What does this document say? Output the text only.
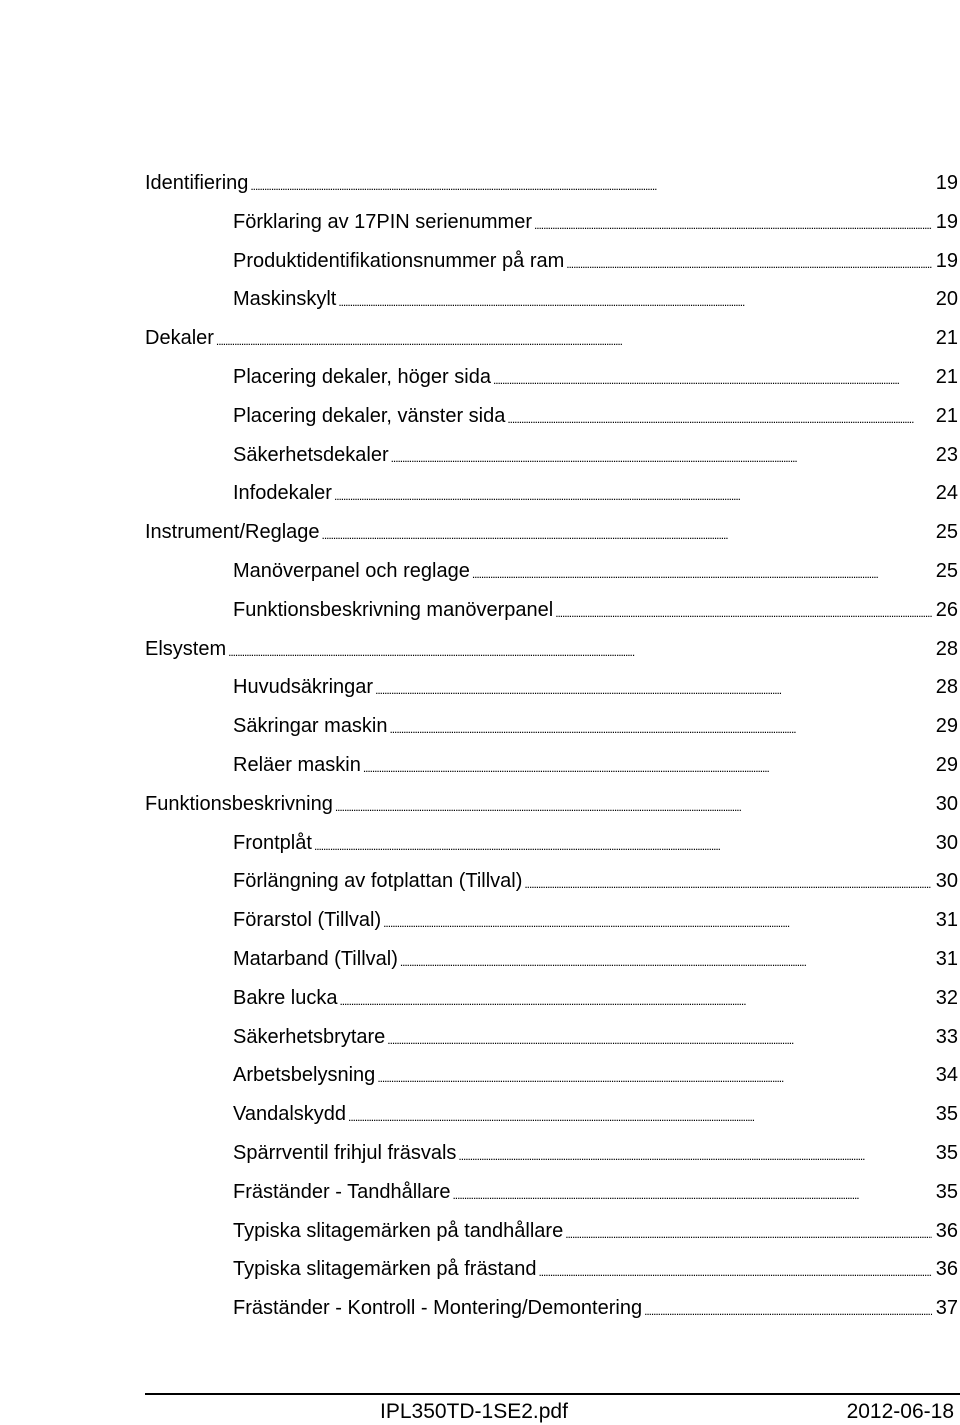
Identifiering . . .	19
Förklaring av 17PIN serienummer . . .	19
Produktidentifikationsnummer på ram . . .	19
Maskinskylt . . .	20
Dekaler . . .	21
Placering dekaler, höger sida . . .	21
Placering dekaler, vänster sida . . .	21
Säkerhetsdekaler . . .	23
Infodekaler . . .	24
Instrument/Reglage . . .	25
Manöverpanel och reglage . . .	25
Funktionsbeskrivning manöverpanel . . .	26
Elsystem . . .	28
Huvudsäkringar . . .	28
Säkringar maskin . . .	29
Reläer maskin . . .	29
Funktionsbeskrivning . . .	30
Frontplåt . . .	30
Förlängning av fotplattan (Tillval) . . .	30
Förarstol (Tillval) . . .	31
Matarband (Tillval) . . .	31
Bakre lucka . . .	32
Säkerhetsbrytare . . .	33
Arbetsbelysning . . .	34
Vandalskydd . . .	35
Spärrventil frihjul fräsvals . . .	35
Fräständer - Tandhållare . . .	35
Typiska slitagemärken på tandhållare . . .	36
Typiska slitagemärken på frästand . . .	36
Fräständer - Kontroll - Montering/Demontering . . .	37
IPL350TD-1SE2.pdf	2012-06-18
